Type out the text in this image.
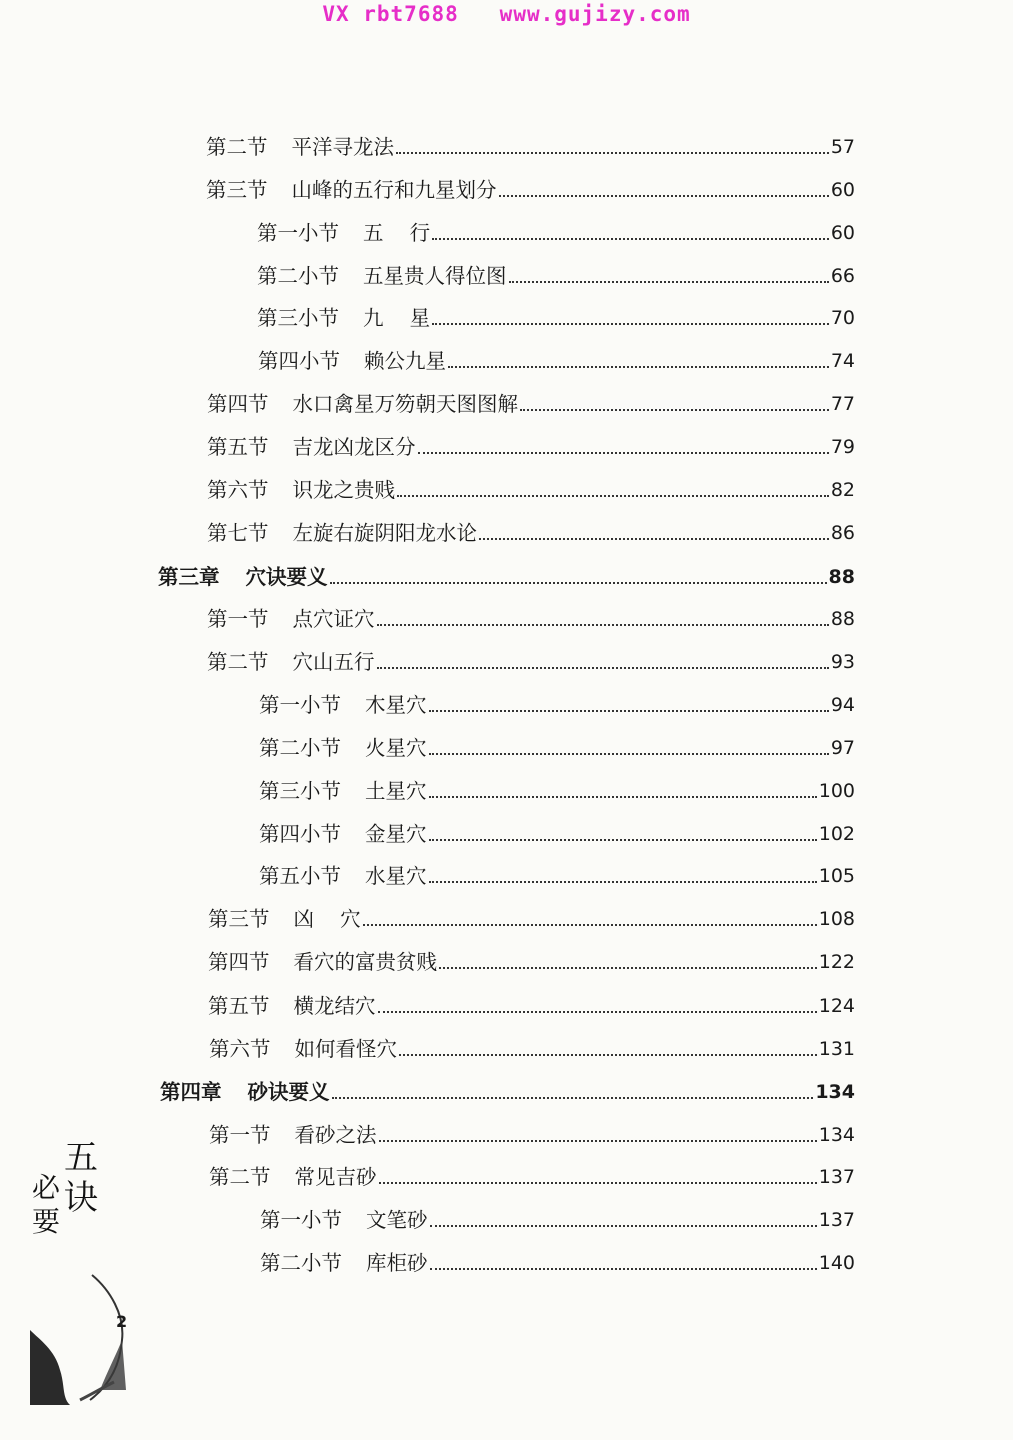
VX rbt7688   www.gujizy.com
第二节 平洋寻龙法	57
第三节 山峰的五行和九星划分	60
第一小节 五    行	60
第二小节 五星贵人得位图	66
第三小节 九    星	70
第四小节 赖公九星	74
第四节 水口禽星万笏朝天图图解	77
第五节 吉龙凶龙区分	79
第六节 识龙之贵贱	82
第七节 左旋右旋阴阳龙水论	86
第三章 穴诀要义	88
第一节 点穴证穴	88
第二节 穴山五行	93
第一小节 木星穴	94
第二小节 火星穴	97
第三小节 土星穴	100
第四小节 金星穴	102
第五小节 水星穴	105
第三节 凶    穴	108
第四节 看穴的富贵贫贱	122
第五节 横龙结穴	124
第六节 如何看怪穴	131
第四章 砂诀要义	134
第一节 看砂之法	134
第二节 常见吉砂	137
第一小节 文笔砂	137
第二小节 库柜砂	140
五
诀
必
要
2
